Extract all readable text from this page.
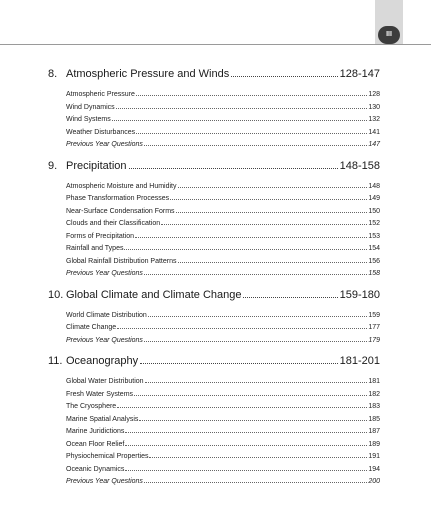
III
8. Atmospheric Pressure and Winds	128-147
Atmospheric Pressure	128
Wind Dynamics	130
Wind Systems	132
Weather Disturbances	141
Previous Year Questions	147
9. Precipitation	148-158
Atmospheric Moisture and Humidity	148
Phase Transformation Processes	149
Near-Surface Condensation Forms	150
Clouds and their Classification	152
Forms of Precipitation	153
Rainfall and Types	154
Global Rainfall Distribution Patterns	156
Previous Year Questions	158
10. Global Climate and Climate Change	159-180
World Climate Distribution	159
Climate Change	177
Previous Year Questions	179
11. Oceanography	181-201
Global Water Distribution	181
Fresh Water Systems	182
The Cryosphere	183
Marine Spatial Analysis	185
Marine Juridictions	187
Ocean Floor Relief	189
Physiochemical Properties	191
Oceanic Dynamics	194
Previous Year Questions	200
